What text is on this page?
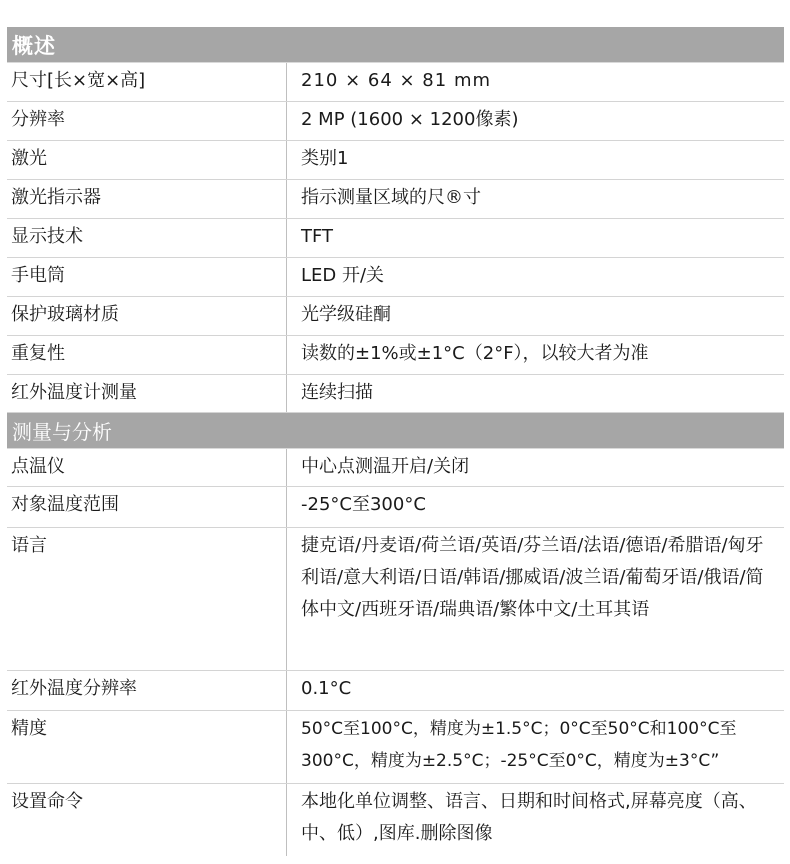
概述
尺寸[长×宽×高]	210 × 64 × 81 mm
分辨率	2 MP (1600 × 1200像素)
激光	类别1
激光指示器	指示测量区域的尺®寸
显示技术	TFT
手电筒	LED 开/关
保护玻璃材质	光学级硅酮
重复性	读数的±1%或±1°C（2°F），以较大者为准
红外温度计测量	连续扫描
测量与分析
点温仪	中心点测温开启/关闭
对象温度范围	-25°C至300°C
语言	捷克语/丹麦语/荷兰语/英语/芬兰语/法语/德语/希腊语/匈牙利语/意大利语/日语/韩语/挪威语/波兰语/葡萄牙语/俄语/简体中文/西班牙语/瑞典语/繁体中文/土耳其语
红外温度分辨率	0.1°C
精度	50°C至100°C，精度为±1.5°C；0°C至50°C和100°C至300°C，精度为±2.5°C；-25°C至0°C，精度为±3°C”
设置命令	本地化单位调整、语言、日期和时间格式,屏幕亮度（高、中、低）,图库.删除图像
